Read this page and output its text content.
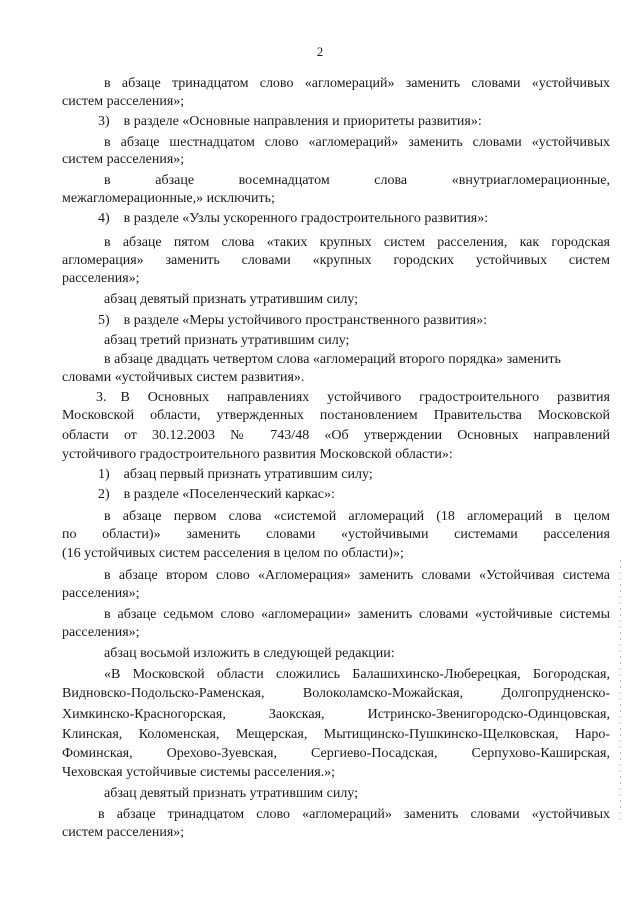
2
в абзаце тринадцатом слово «агломераций» заменить словами «устойчивых
систем расселения»;
3) в разделе «Основные направления и приоритеты развития»:
в абзаце шестнадцатом слово «агломераций» заменить словами «устойчивых
систем расселения»;
в абзаце восемнадцатом слова «внутриагломерационные,
межагломерационные,» исключить;
4) в разделе «Узлы ускоренного градостроительного развития»:
в абзаце пятом слова «таких крупных систем расселения, как городская
агломерация» заменить словами «крупных городских устойчивых систем
расселения»;
абзац девятый признать утратившим силу;
5) в разделе «Меры устойчивого пространственного развития»:
абзац третий признать утратившим силу;
в абзаце двадцать четвертом слова «агломераций второго порядка» заменить
словами «устойчивых систем развития».
3. В Основных направлениях устойчивого градостроительного развития
Московской области, утвержденных постановлением Правительства Московской
области от 30.12.2003 № 743/48 «Об утверждении Основных направлений
устойчивого градостроительного развития Московской области»:
1) абзац первый признать утратившим силу;
2) в разделе «Поселенческий каркас»:
в абзаце первом слова «системой агломераций (18 агломераций в целом
по области)» заменить словами «устойчивыми системами расселения
(16 устойчивых систем расселения в целом по области)»;
в абзаце втором слово «Агломерация» заменить словами «Устойчивая система
расселения»;
в абзаце седьмом слово «агломерации» заменить словами «устойчивые системы
расселения»;
абзац восьмой изложить в следующей редакции:
«В Московской области сложились Балашихинско-Люберецкая, Богородская,
Видновско-Подольско-Раменская, Волоколамско-Можайская, Долгопрудненско-
Химкинско-Красногорская, Заокская, Истринско-Звенигородско-Одинцовская,
Клинская, Коломенская, Мещерская, Мытищинско-Пушкинско-Щелковская, Наро-
Фоминская, Орехово-Зуевская, Сергиево-Посадская, Серпухово-Каширская,
Чеховская устойчивые системы расселения.»;
абзац девятый признать утратившим силу;
в абзаце тринадцатом слово «агломераций» заменить словами «устойчивых
систем расселения»;
